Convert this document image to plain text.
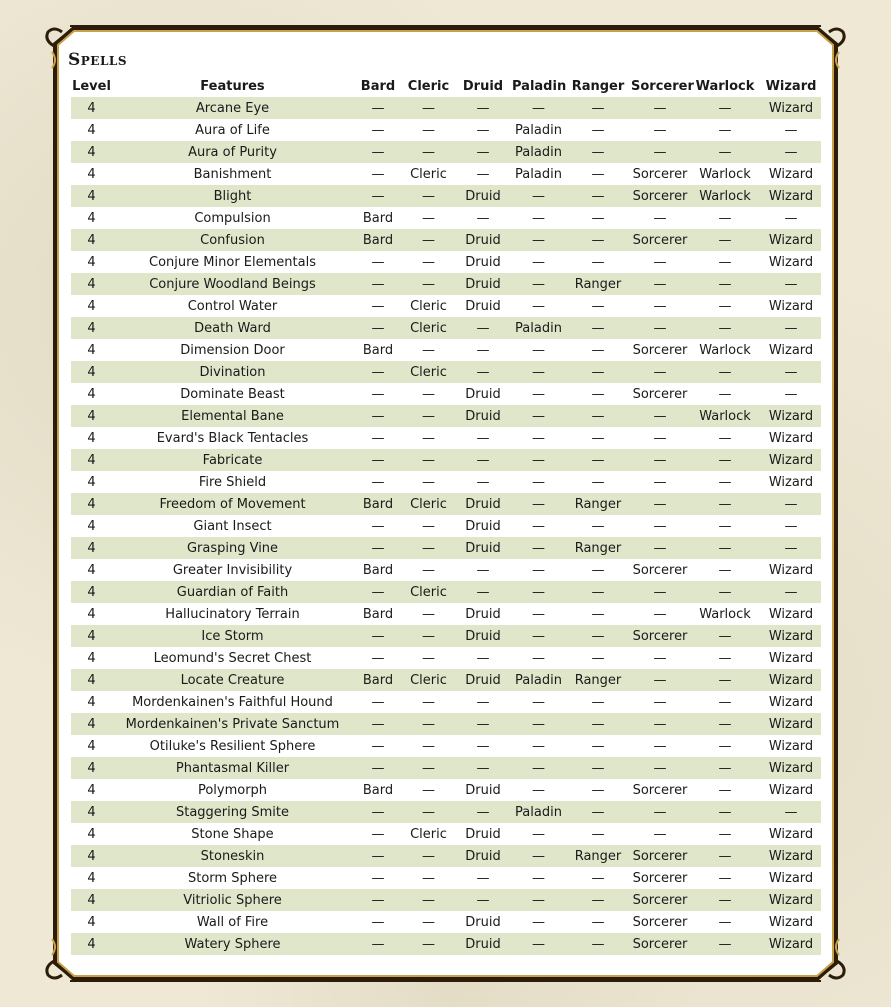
Spells
Level	Features	Bard	Cleric	Druid	Paladin	Ranger	Sorcerer	Warlock	Wizard
4	Arcane Eye	—	—	—	—	—	—	—	Wizard
4	Aura of Life	—	—	—	Paladin	—	—	—	—
4	Aura of Purity	—	—	—	Paladin	—	—	—	—
4	Banishment	—	Cleric	—	Paladin	—	Sorcerer	Warlock	Wizard
4	Blight	—	—	Druid	—	—	Sorcerer	Warlock	Wizard
4	Compulsion	Bard	—	—	—	—	—	—	—
4	Confusion	Bard	—	Druid	—	—	Sorcerer	—	Wizard
4	Conjure Minor Elementals	—	—	Druid	—	—	—	—	Wizard
4	Conjure Woodland Beings	—	—	Druid	—	Ranger	—	—	—
4	Control Water	—	Cleric	Druid	—	—	—	—	Wizard
4	Death Ward	—	Cleric	—	Paladin	—	—	—	—
4	Dimension Door	Bard	—	—	—	—	Sorcerer	Warlock	Wizard
4	Divination	—	Cleric	—	—	—	—	—	—
4	Dominate Beast	—	—	Druid	—	—	Sorcerer	—	—
4	Elemental Bane	—	—	Druid	—	—	—	Warlock	Wizard
4	Evard's Black Tentacles	—	—	—	—	—	—	—	Wizard
4	Fabricate	—	—	—	—	—	—	—	Wizard
4	Fire Shield	—	—	—	—	—	—	—	Wizard
4	Freedom of Movement	Bard	Cleric	Druid	—	Ranger	—	—	—
4	Giant Insect	—	—	Druid	—	—	—	—	—
4	Grasping Vine	—	—	Druid	—	Ranger	—	—	—
4	Greater Invisibility	Bard	—	—	—	—	Sorcerer	—	Wizard
4	Guardian of Faith	—	Cleric	—	—	—	—	—	—
4	Hallucinatory Terrain	Bard	—	Druid	—	—	—	Warlock	Wizard
4	Ice Storm	—	—	Druid	—	—	Sorcerer	—	Wizard
4	Leomund's Secret Chest	—	—	—	—	—	—	—	Wizard
4	Locate Creature	Bard	Cleric	Druid	Paladin	Ranger	—	—	Wizard
4	Mordenkainen's Faithful Hound	—	—	—	—	—	—	—	Wizard
4	Mordenkainen's Private Sanctum	—	—	—	—	—	—	—	Wizard
4	Otiluke's Resilient Sphere	—	—	—	—	—	—	—	Wizard
4	Phantasmal Killer	—	—	—	—	—	—	—	Wizard
4	Polymorph	Bard	—	Druid	—	—	Sorcerer	—	Wizard
4	Staggering Smite	—	—	—	Paladin	—	—	—	—
4	Stone Shape	—	Cleric	Druid	—	—	—	—	Wizard
4	Stoneskin	—	—	Druid	—	Ranger	Sorcerer	—	Wizard
4	Storm Sphere	—	—	—	—	—	Sorcerer	—	Wizard
4	Vitriolic Sphere	—	—	—	—	—	Sorcerer	—	Wizard
4	Wall of Fire	—	—	Druid	—	—	Sorcerer	—	Wizard
4	Watery Sphere	—	—	Druid	—	—	Sorcerer	—	Wizard
